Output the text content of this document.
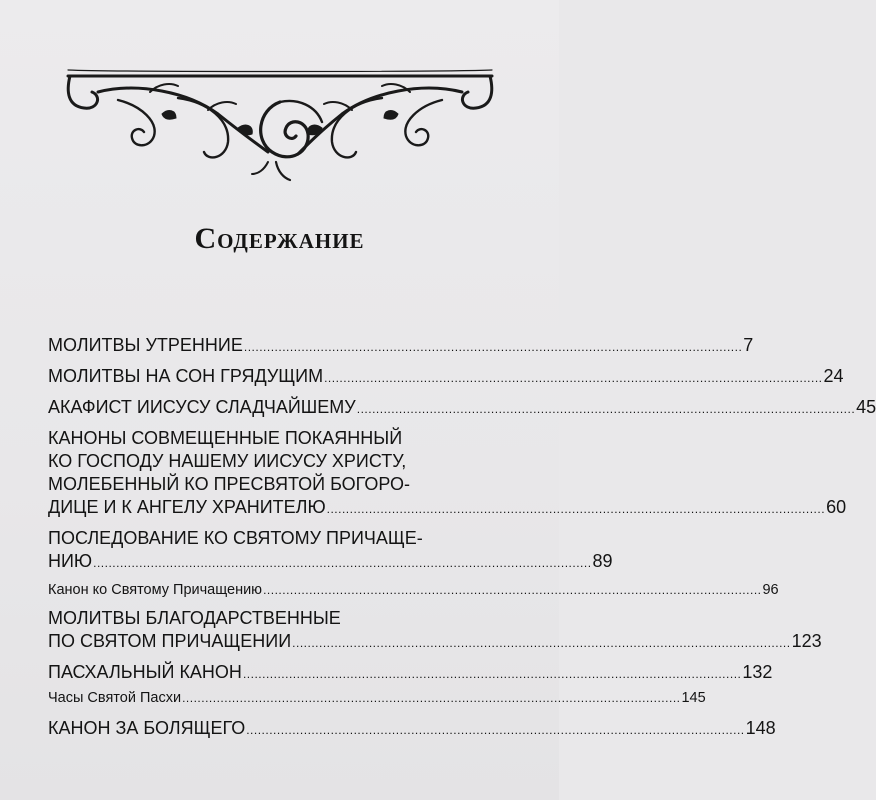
Содержание
МОЛИТВЫ УТРЕННИЕ .................................................................................................................................. 7
МОЛИТВЫ НА СОН ГРЯДУЩИМ .................................................................................................................................. 24
АКАФИСТ ИИСУСУ СЛАДЧАЙШЕМУ .................................................................................................................................. 45
КАНОНЫ СОВМЕЩЕННЫЕ ПОКАЯННЫЙ
КО ГОСПОДУ НАШЕМУ ИИСУСУ ХРИСТУ,
МОЛЕБЕННЫЙ КО ПРЕСВЯТОЙ БОГОРО-
ДИЦЕ И К АНГЕЛУ ХРАНИТЕЛЮ .................................................................................................................................. 60
ПОСЛЕДОВАНИЕ КО СВЯТОМУ ПРИЧАЩЕ-
НИЮ .................................................................................................................................. 89
Канон ко Святому Причащению .................................................................................................................................. 96
МОЛИТВЫ БЛАГОДАРСТВЕННЫЕ
ПО СВЯТОМ ПРИЧАЩЕНИИ .................................................................................................................................. 123
ПАСХАЛЬНЫЙ КАНОН .................................................................................................................................. 132
Часы Святой Пасхи .................................................................................................................................. 145
КАНОН ЗА БОЛЯЩЕГО .................................................................................................................................. 148
